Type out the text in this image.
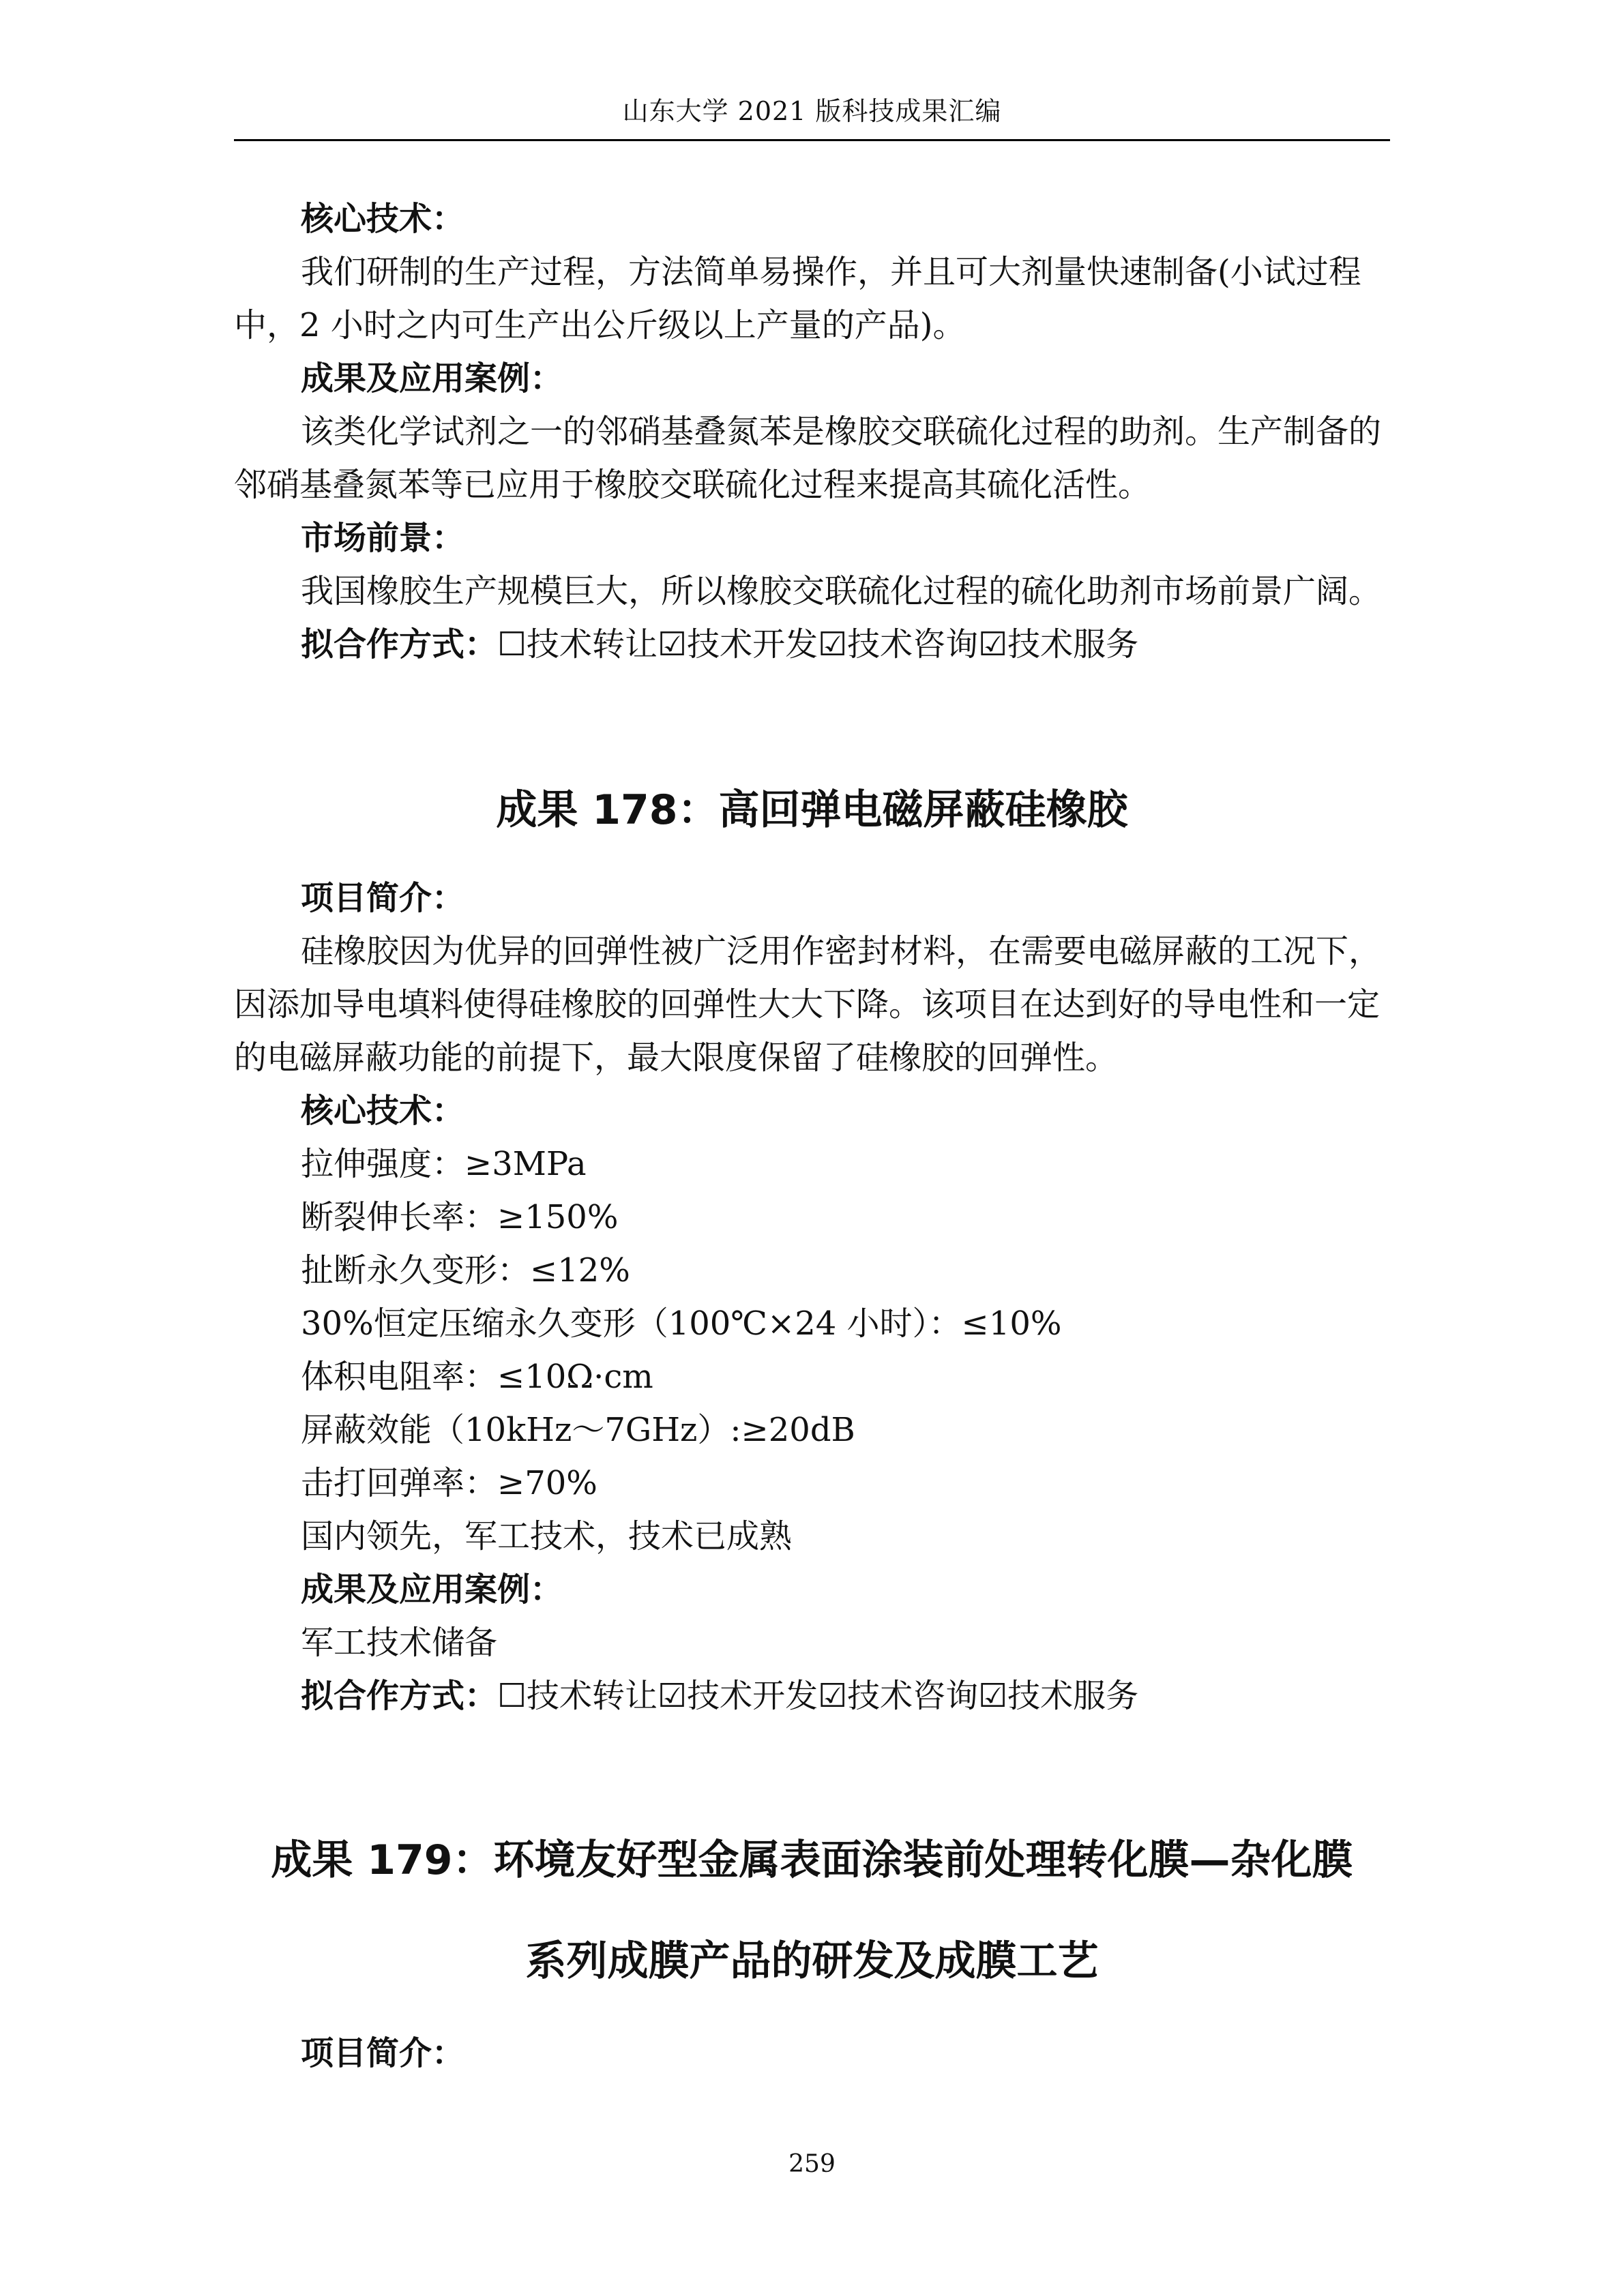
山东大学 2021 版科技成果汇编
核心技术：
我们研制的生产过程，方法简单易操作，并且可大剂量快速制备(小试过程
中，2 小时之内可生产出公斤级以上产量的产品)。
成果及应用案例：
该类化学试剂之一的邻硝基叠氮苯是橡胶交联硫化过程的助剂。生产制备的
邻硝基叠氮苯等已应用于橡胶交联硫化过程来提高其硫化活性。
市场前景：
我国橡胶生产规模巨大，所以橡胶交联硫化过程的硫化助剂市场前景广阔。
拟合作方式：☐技术转让☑技术开发☑技术咨询☑技术服务
成果 178：高回弹电磁屏蔽硅橡胶
项目简介：
硅橡胶因为优异的回弹性被广泛用作密封材料，在需要电磁屏蔽的工况下，
因添加导电填料使得硅橡胶的回弹性大大下降。该项目在达到好的导电性和一定
的电磁屏蔽功能的前提下，最大限度保留了硅橡胶的回弹性。
核心技术：
拉伸强度：≥3MPa
断裂伸长率：≥150%
扯断永久变形：≤12%
30%恒定压缩永久变形（100℃×24 小时）：≤10%
体积电阻率：≤10Ω·cm
屏蔽效能（10kHz～7GHz）:≥20dB
击打回弹率：≥70%
国内领先，军工技术，技术已成熟
成果及应用案例：
军工技术储备
拟合作方式：☐技术转让☑技术开发☑技术咨询☑技术服务
成果 179：环境友好型金属表面涂装前处理转化膜—杂化膜
系列成膜产品的研发及成膜工艺
项目简介：
259
